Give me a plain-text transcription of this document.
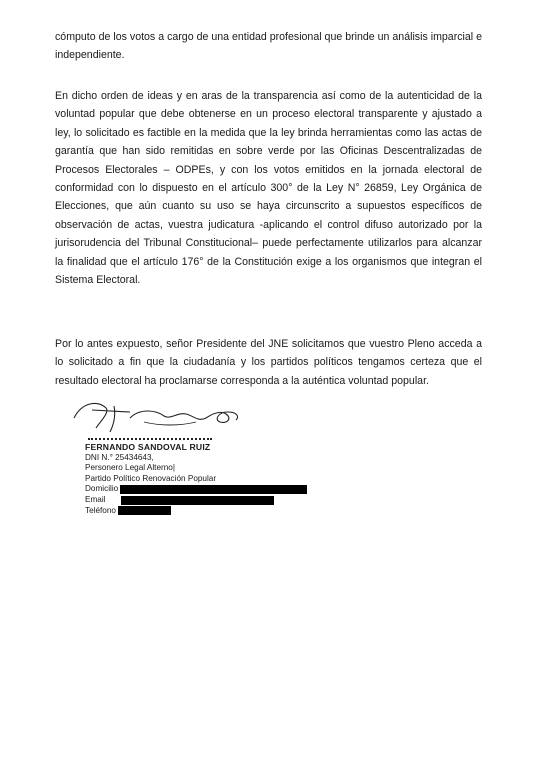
cómputo de los votos a cargo de una entidad profesional que brinde un análisis imparcial e independiente.

En dicho orden de ideas y en aras de la transparencia así como de la autenticidad de la voluntad popular que debe obtenerse en un proceso electoral transparente y ajustado a ley, lo solicitado es factible en la medida que la ley brinda herramientas como las actas de garantía que han sido remitidas en sobre verde por las Oficinas Descentralizadas de Procesos Electorales – ODPEs, y con los votos emitidos en la jornada electoral de conformidad con lo dispuesto en el artículo 300° de la Ley N° 26859, Ley Orgánica de Elecciones, que aún cuanto su uso se haya circunscrito a supuestos específicos de observación de actas, vuestra judicatura -aplicando el control difuso autorizado por la jurisorudencia del Tribunal Constitucional– puede perfectamente utilizarlos para alcanzar la finalidad que el artículo 176° de la Constitución exige a los organismos que integran el Sistema Electoral.

Por lo antes expuesto, señor Presidente del JNE solicitamos que vuestro Pleno acceda a lo solicitado a fin que la ciudadanía y los partidos políticos tengamos certeza que el resultado electoral ha proclamarse corresponda a la auténtica voluntad popular.

FERNANDO SANDOVAL RUIZ
DNI N.° 25434643,
Personero Legal Alterno|
Partido Político Renovación Popular
Domicilio
Email
Teléfono
